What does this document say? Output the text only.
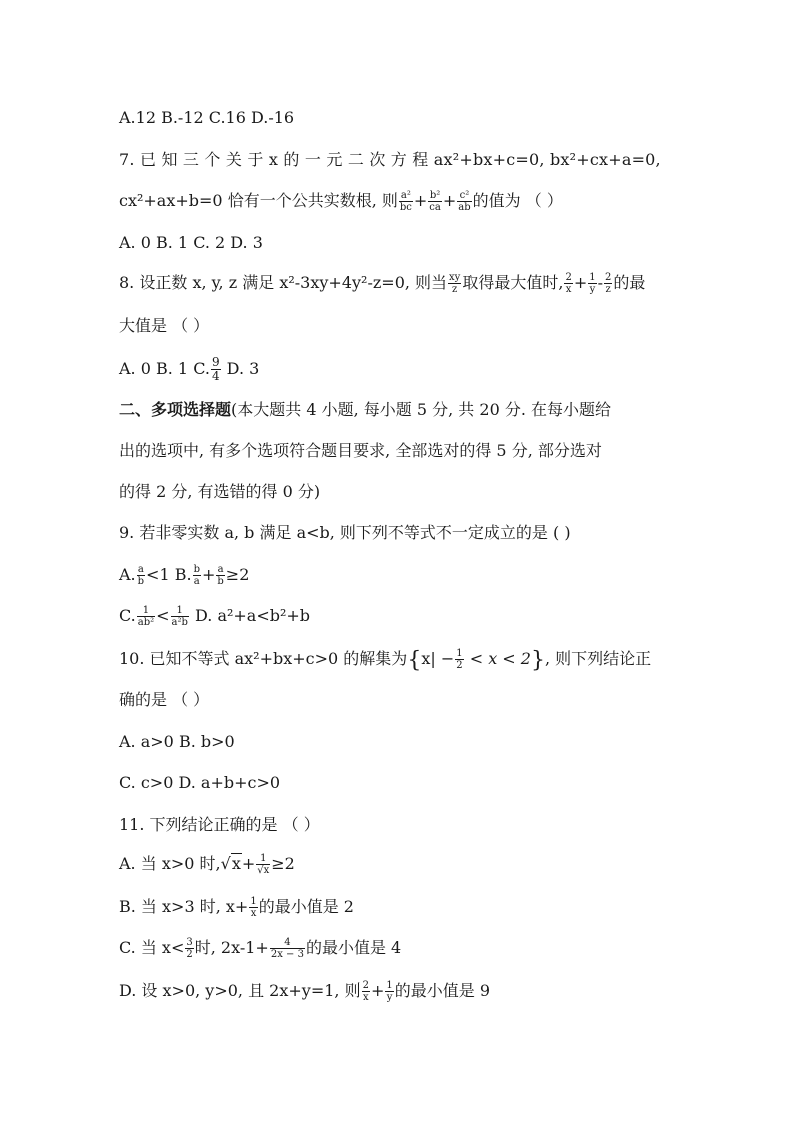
A.12 B.-12 C.16 D.-16
7. 已 知 三 个 关 于 x 的 一 元 二 次 方 程 ax²+bx+c=0, bx²+cx+a=0,
cx²+ax+b=0 恰有一个公共实数根, 则 $\frac{\text{a²}}{bc} + \frac{\text{b²}}{ca} + \frac{\text{c²}}{ab}$ 的值为 （ ）
A. 0 B. 1 C. 2 D. 3
8. 设正数 x, y, z 满足 x²-3xy+4y²-z=0, 则当 $\frac{xy}{z}$ 取得最大值时, $\frac{2}{x} + \frac{1}{y} - \frac{2}{z}$ 的最
大值是 （ ）
A. 0 B. 1 C. $\frac{9}{4} D$. 3
二、多项选择题(本大题共 4 小题, 每小题 5 分, 共 20 分. 在每小题给
出的选项中, 有多个选项符合题目要求, 全部选对的得 5 分, 部分选对
的得 2 分, 有选错的得 0 分)
9. 若非零实数 a, b 满足 a<b, 则下列不等式不一定成立的是 ( )
A. $\frac{a}{b} <1$ B. $\frac{b}{a} + \frac{a}{b} \ge 2$
C. $\frac{1}{\text{ab²}} < \frac{1}{\text{a²b}} D$. a²+a<b²+b
10. 已知不等式 ax²+bx+c>0 的解集为$\{x| - \frac{1}{2} < x < 2\}$, 则下列结论正
确的是 （ ）
A. a>0 B. b>0
C. c>0 D. a+b+c>0
11. 下列结论正确的是 （ ）
A. 当 x>0 时$,√x+ \frac{1}{√x} \ge 2$
B. 当 x>3 时, $x+ \frac{1}{x}$ 的最小值是 2
C. 当 $x< \frac{3}{2}$ 时, $2x-1+ \frac{4}{2x - 3}$ 的最小值是 4
D. 设 x>0, y>0, 且 2x+y=1, 则 $\frac{2}{x} + \frac{1}{y}$ 的最小值是 9
